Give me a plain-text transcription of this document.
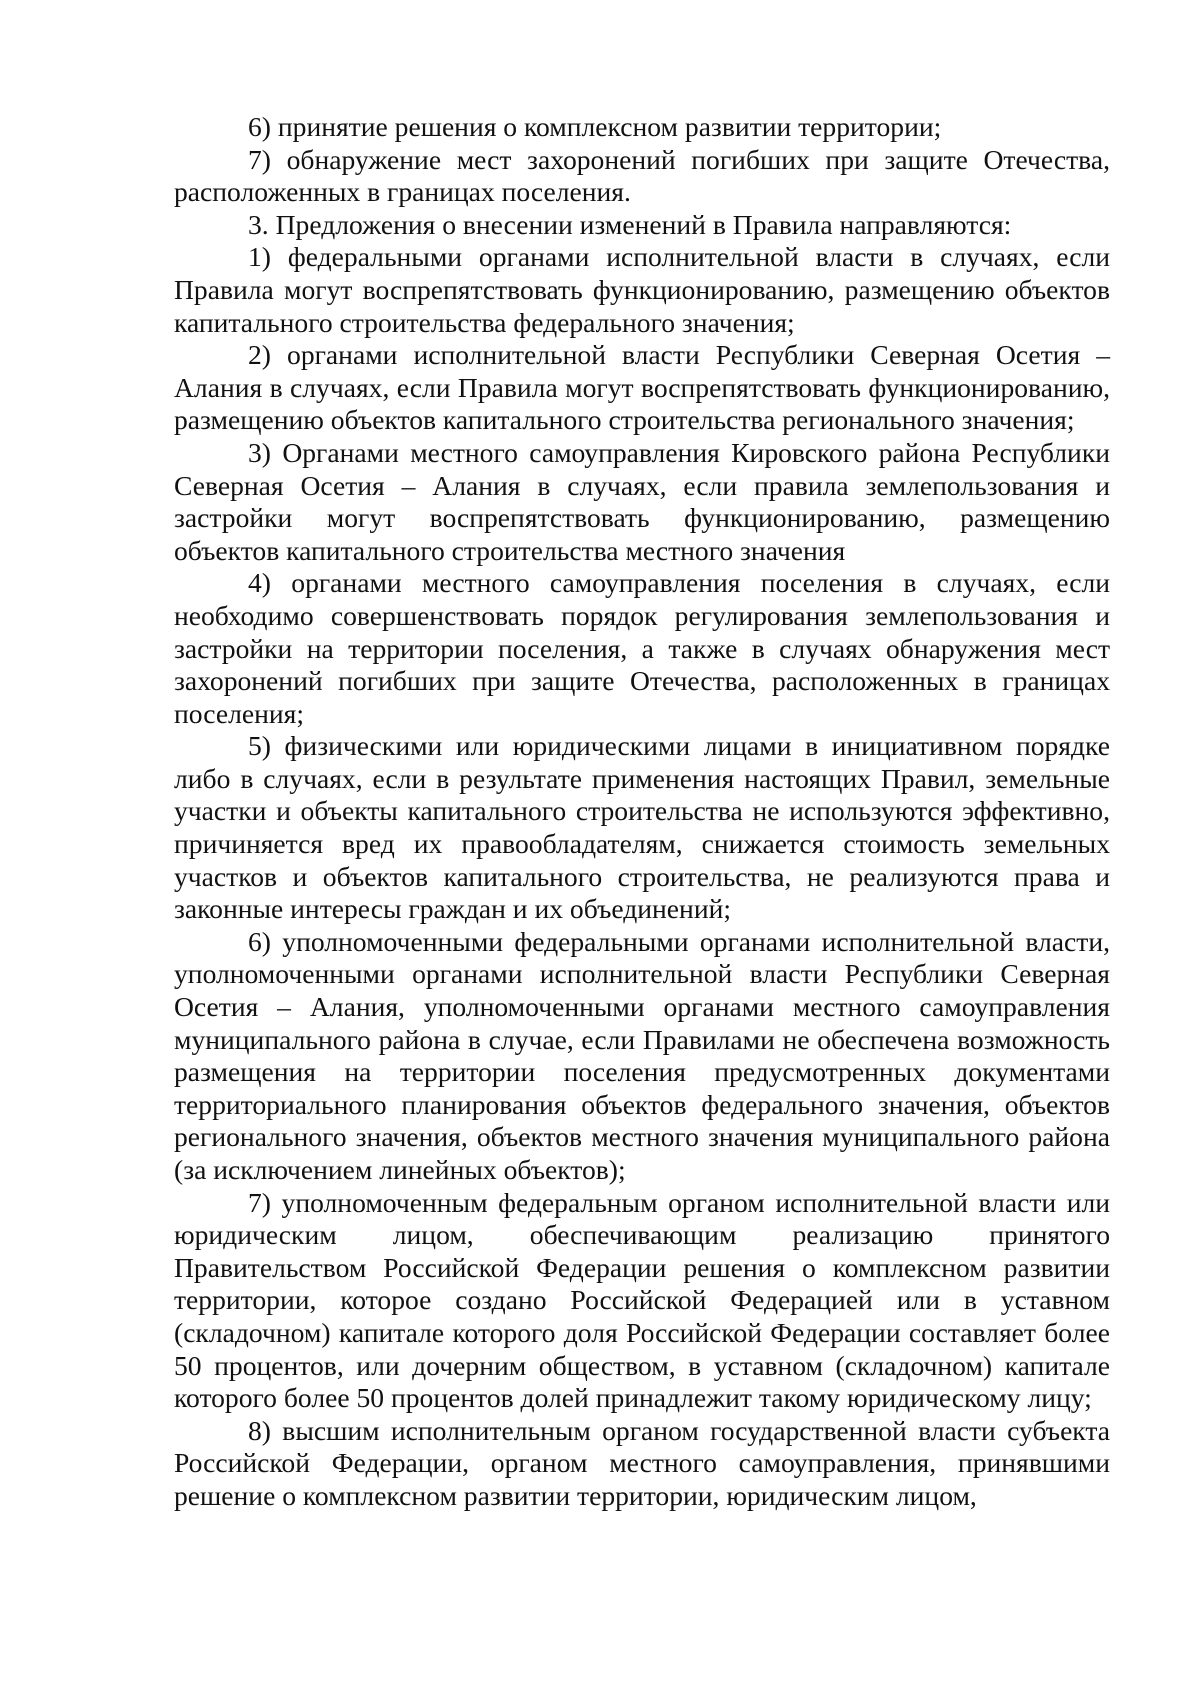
6) принятие решения о комплексном развитии территории;

7) обнаружение мест захоронений погибших при защите Отечества, расположенных в границах поселения.

3. Предложения о внесении изменений в Правила направляются:

1) федеральными органами исполнительной власти в случаях, если Правила могут воспрепятствовать функционированию, размещению объектов капитального строительства федерального значения;

2) органами исполнительной власти Республики Северная Осетия – Алания в случаях, если Правила могут воспрепятствовать функционированию, размещению объектов капитального строительства регионального значения;

3) Органами местного самоуправления Кировского района Республики Северная Осетия – Алания в случаях, если правила землепользования и застройки могут воспрепятствовать функционированию, размещению объектов капитального строительства местного значения

4) органами местного самоуправления поселения в случаях, если необходимо совершенствовать порядок регулирования землепользования и застройки на территории поселения, а также в случаях обнаружения мест захоронений погибших при защите Отечества, расположенных в границах поселения;

5) физическими или юридическими лицами в инициативном порядке либо в случаях, если в результате применения настоящих Правил, земельные участки и объекты капитального строительства не используются эффективно, причиняется вред их правообладателям, снижается стоимость земельных участков и объектов капитального строительства, не реализуются права и законные интересы граждан и их объединений;

6) уполномоченными федеральными органами исполнительной власти, уполномоченными органами исполнительной власти Республики Северная Осетия – Алания, уполномоченными органами местного самоуправления муниципального района в случае, если Правилами не обеспечена возможность размещения на территории поселения предусмотренных документами территориального планирования объектов федерального значения, объектов регионального значения, объектов местного значения муниципального района (за исключением линейных объектов);

7) уполномоченным федеральным органом исполнительной власти или юридическим лицом, обеспечивающим реализацию принятого Правительством Российской Федерации решения о комплексном развитии территории, которое создано Российской Федерацией или в уставном (складочном) капитале которого доля Российской Федерации составляет более 50 процентов, или дочерним обществом, в уставном (складочном) капитале которого более 50 процентов долей принадлежит такому юридическому лицу;

8) высшим исполнительным органом государственной власти субъекта Российской Федерации, органом местного самоуправления, принявшими решение о комплексном развитии территории, юридическим лицом,
